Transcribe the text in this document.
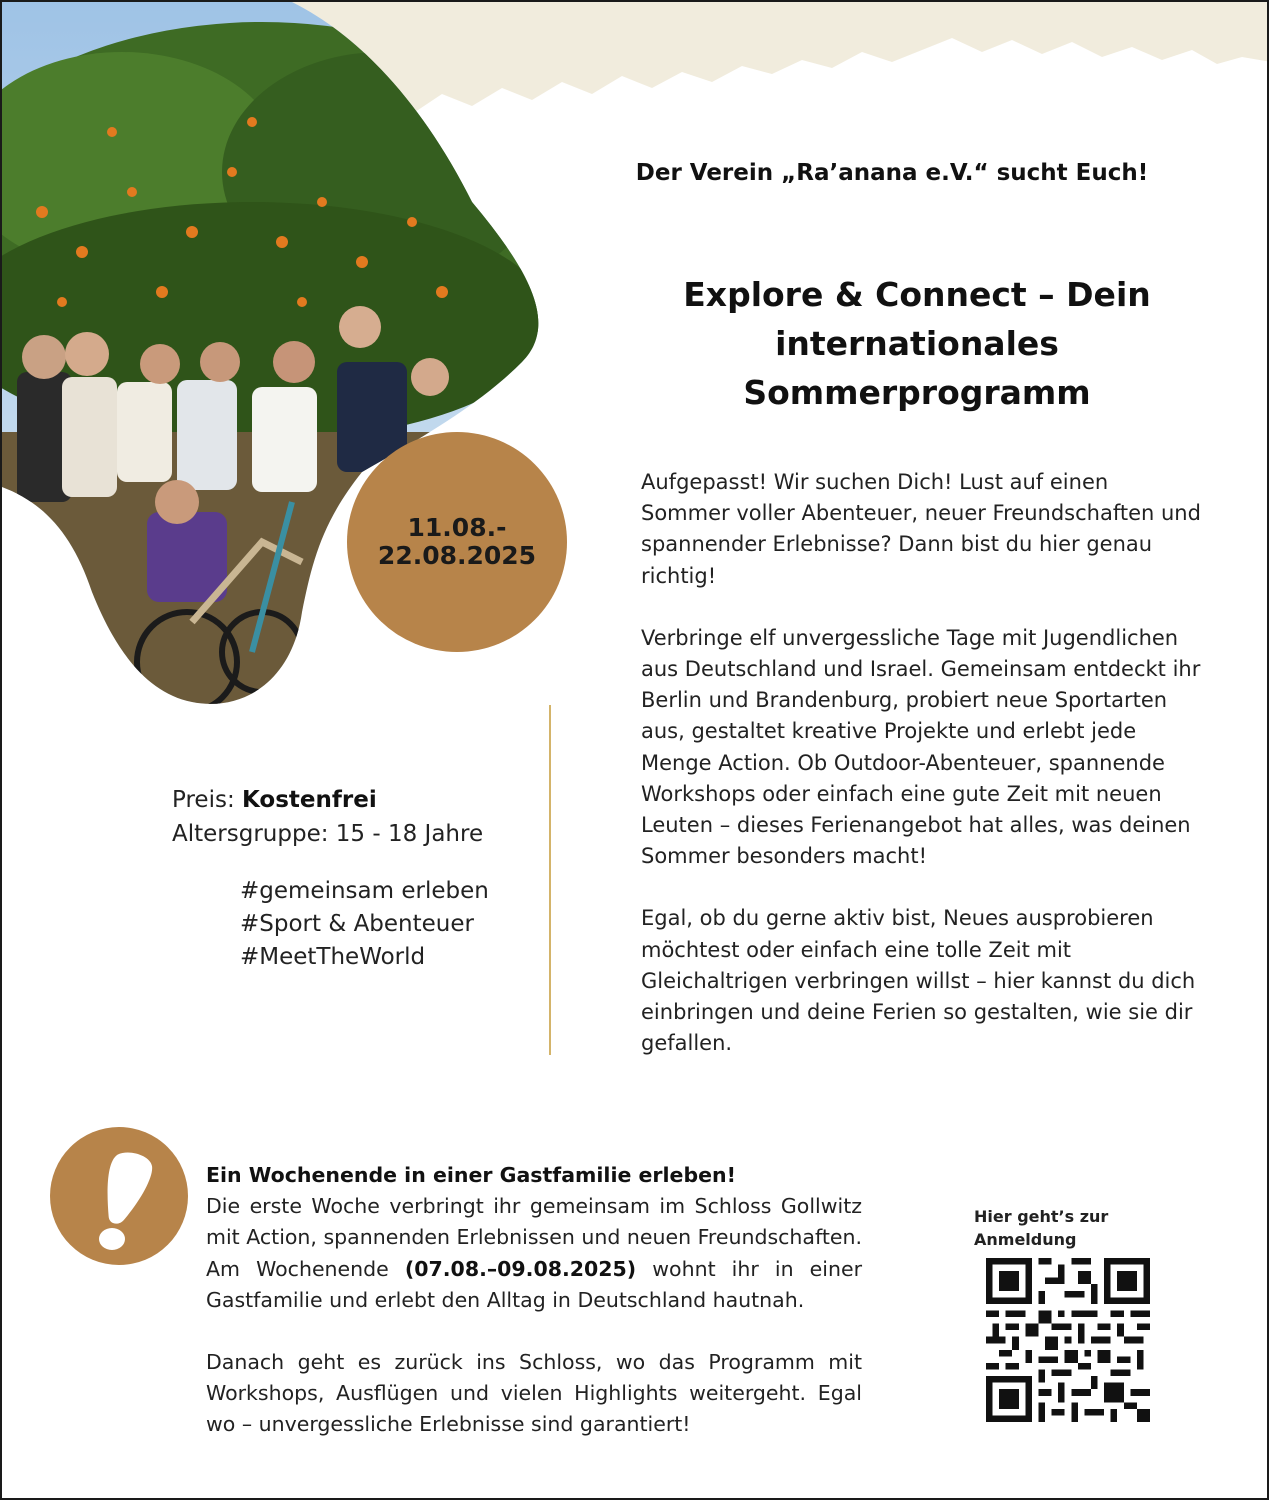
11.08.-
22.08.2025
Der Verein „Ra’anana e.V.“ sucht Euch!
Explore & Connect – Dein
internationales
Sommerprogramm

Aufgepasst! Wir suchen Dich! Lust auf einen Sommer voller Abenteuer, neuer Freundschaften und spannender Erlebnisse? Dann bist du hier genau richtig!

Verbringe elf unvergessliche Tage mit Jugendlichen aus Deutschland und Israel. Gemeinsam entdeckt ihr Berlin und Brandenburg, probiert neue Sportarten aus, gestaltet kreative Projekte und erlebt jede Menge Action. Ob Outdoor-Abenteuer, spannende Workshops oder einfach eine gute Zeit mit neuen Leuten – dieses Ferienangebot hat alles, was deinen Sommer besonders macht!

Egal, ob du gerne aktiv bist, Neues ausprobieren möchtest oder einfach eine tolle Zeit mit Gleichaltrigen verbringen willst – hier kannst du dich einbringen und deine Ferien so gestalten, wie sie dir gefallen.

Preis: Kostenfrei
Altersgruppe: 15 - 18 Jahre
#gemeinsam erleben
#Sport & Abenteuer
#MeetTheWorld

Ein Wochenende in einer Gastfamilie erleben!

Die erste Woche verbringt ihr gemeinsam im Schloss Gollwitz mit Action, spannenden Erlebnissen und neuen Freundschaften. Am Wochenende (07.08.–09.08.2025) wohnt ihr in einer Gastfamilie und erlebt den Alltag in Deutschland hautnah.

Danach geht es zurück ins Schloss, wo das Programm mit Workshops, Ausflügen und vielen Highlights weitergeht. Egal wo – unvergessliche Erlebnisse sind garantiert!

Hier geht’s zur
Anmeldung
